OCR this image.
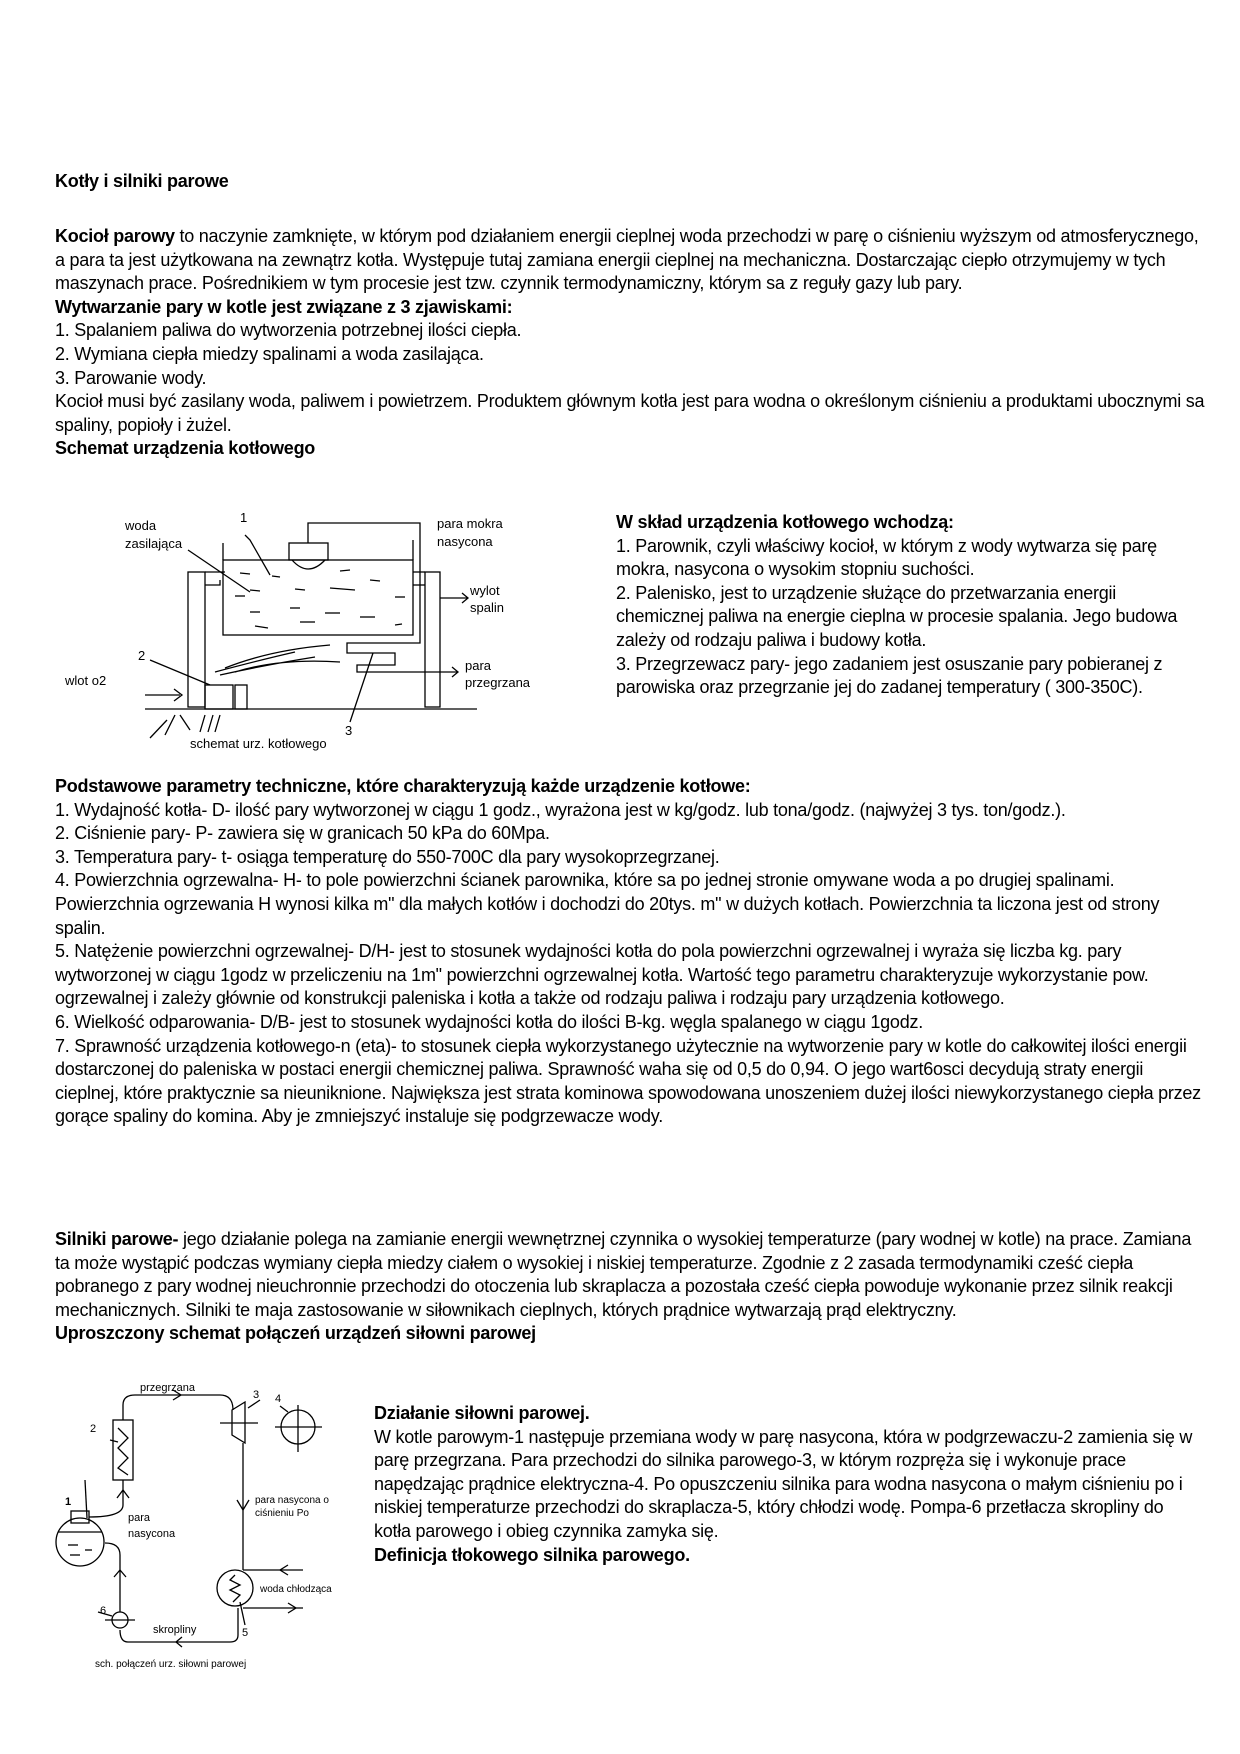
Kotły i silniki parowe

Kocioł parowy to naczynie zamknięte, w którym pod działaniem energii cieplnej woda przechodzi w parę o ciśnieniu wyższym od atmosferycznego, a para ta jest użytkowana na zewnątrz kotła. Występuje tutaj zamiana energii cieplnej na mechaniczna. Dostarczając ciepło otrzymujemy w tych maszynach prace. Pośrednikiem w tym procesie jest tzw. czynnik termodynamiczny, którym sa z reguły gazy lub pary.

Wytwarzanie pary w kotle jest związane z 3 zjawiskami:

1. Spalaniem paliwa do wytworzenia potrzebnej ilości ciepła.

2. Wymiana ciepła miedzy spalinami a woda zasilająca.

3. Parowanie wody.

Kocioł musi być zasilany woda, paliwem i powietrzem. Produktem głównym kotła jest para wodna o określonym ciśnieniu a produktami ubocznymi sa spaliny, popioły i żużel.

Schemat urządzenia kotłowego

woda
zasilająca
1	para mokra
nasycona
wylot
spalin
2
wlot o2
para
przegrzana
3
schemat urz. kotłowego

W skład urządzenia kotłowego wchodzą:

1. Parownik, czyli właściwy kocioł, w którym z wody wytwarza się parę mokra, nasycona o wysokim stopniu suchości.

2. Palenisko, jest to urządzenie służące do przetwarzania energii chemicznej paliwa na energie cieplna w procesie spalania. Jego budowa zależy od rodzaju paliwa i budowy kotła.

3. Przegrzewacz pary- jego zadaniem jest osuszanie pary pobieranej z parowiska oraz przegrzanie jej do zadanej temperatury ( 300-350C).

Podstawowe parametry techniczne, które charakteryzują każde urządzenie kotłowe:

1. Wydajność kotła- D- ilość pary wytworzonej w ciągu 1 godz., wyrażona jest w kg/godz. lub tona/godz. (najwyżej 3 tys. ton/godz.).

2. Ciśnienie pary- P- zawiera się w granicach 50 kPa do 60Mpa.

3. Temperatura pary- t- osiąga temperaturę do 550-700C dla pary wysokoprzegrzanej.

4. Powierzchnia ogrzewalna- H- to pole powierzchni ścianek parownika, które sa po jednej stronie omywane woda a po drugiej spalinami. Powierzchnia ogrzewania H wynosi kilka m" dla małych kotłów i dochodzi do 20tys. m" w dużych kotłach. Powierzchnia ta liczona jest od strony spalin.

5. Natężenie powierzchni ogrzewalnej- D/H- jest to stosunek wydajności kotła do pola powierzchni ogrzewalnej i wyraża się liczba kg. pary wytworzonej w ciągu 1godz w przeliczeniu na 1m" powierzchni ogrzewalnej kotła. Wartość tego parametru charakteryzuje wykorzystanie pow. ogrzewalnej i zależy głównie od konstrukcji paleniska i kotła a także od rodzaju paliwa i rodzaju pary urządzenia kotłowego.

6. Wielkość odparowania- D/B- jest to stosunek wydajności kotła do ilości B-kg. węgla spalanego w ciągu 1godz.

7. Sprawność urządzenia kotłowego-n (eta)- to stosunek ciepła wykorzystanego użytecznie na wytworzenie pary w kotle do całkowitej ilości energii dostarczonej do paleniska w postaci energii chemicznej paliwa. Sprawność waha się od 0,5 do 0,94. O jego wart6osci decydują straty energii cieplnej, które praktycznie sa nieuniknione. Największa jest strata kominowa spowodowana unoszeniem dużej ilości niewykorzystanego ciepła przez gorące spaliny do komina. Aby je zmniejszyć instaluje się podgrzewacze wody.

Silniki parowe- jego działanie polega na zamianie energii wewnętrznej czynnika o wysokiej temperaturze (pary wodnej w kotle) na prace. Zamiana ta może wystąpić podczas wymiany ciepła miedzy ciałem o wysokiej i niskiej temperaturze. Zgodnie z 2 zasada termodynamiki cześć ciepła pobranego z pary wodnej nieuchronnie przechodzi do otoczenia lub skraplacza a pozostała cześć ciepła powoduje wykonanie przez silnik reakcji mechanicznych. Silniki te maja zastosowanie w siłownikach cieplnych, których prądnice wytwarzają prąd elektryczny.

Uproszczony schemat połączeń urządzeń siłowni parowej

przegrzana
1
2
3 4
para
nasycona
para nasycona o
ciśnieniu Po
woda chłodząca
5
6
skropliny
sch. połączeń urz. siłowni parowej

Działanie siłowni parowej.

W kotle parowym-1 następuje przemiana wody w parę nasycona, która w podgrzewaczu-2 zamienia się w parę przegrzana. Para przechodzi do silnika parowego-3, w którym rozpręża się i wykonuje prace napędzając prądnice elektryczna-4. Po opuszczeniu silnika para wodna nasycona o małym ciśnieniu po i niskiej temperaturze przechodzi do skraplacza-5, który chłodzi wodę. Pompa-6 przetłacza skropliny do kotła parowego i obieg czynnika zamyka się.

Definicja tłokowego silnika parowego.
